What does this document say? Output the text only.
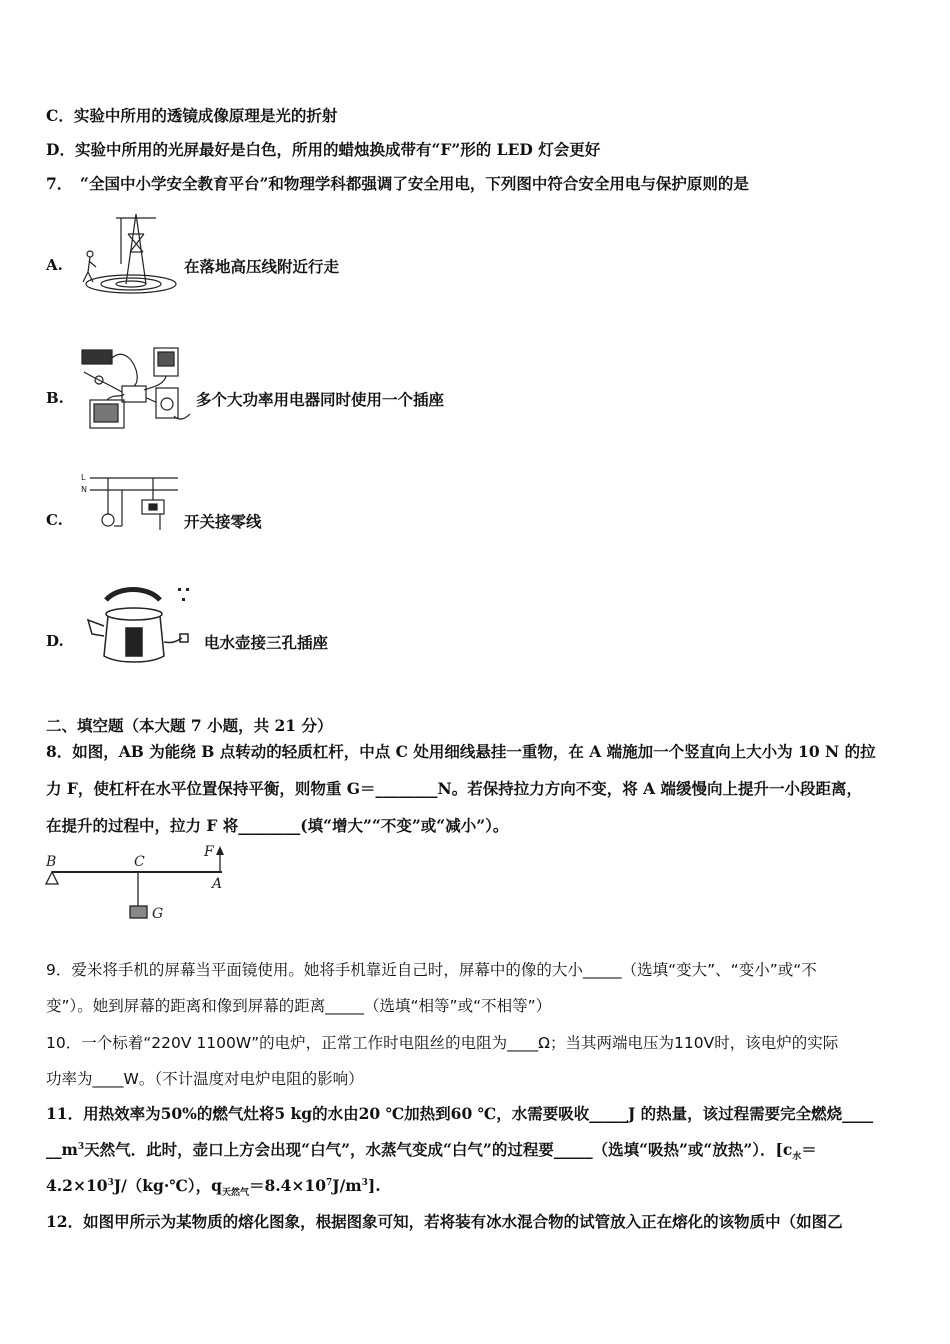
C．实验中所用的透镜成像原理是光的折射
D．实验中所用的光屏最好是白色，所用的蜡烛换成带有“F”形的 LED 灯会更好
7．　“全国中小学安全教育平台”和物理学科都强调了安全用电，下列图中符合安全用电与保护原则的是
A.	在落地高压线附近行走
B.	多个大功率用电器同时使用一个插座
C.
L
N
开关接零线
D.	电水壶接三孔插座
二、填空题（本大题 7 小题，共 21 分）
8．如图，AB 为能绕 B 点转动的轻质杠杆，中点 C 处用细线悬挂一重物，在 A 端施加一个竖直向上大小为 10 N 的拉
力 F，使杠杆在水平位置保持平衡，则物重 G＝________N。若保持拉力方向不变，将 A 端缓慢向上提升一小段距离，
在提升的过程中，拉力 F 将________(填“增大”“不变”或“减小”）。
B	C
F
A
G
9．爱米将手机的屏幕当平面镜使用。她将手机靠近自己时，屏幕中的像的大小_____（选填“变大”、“变小”或“不
变”）。她到屏幕的距离和像到屏幕的距离_____（选填“相等”或“不相等”）
10．一个标着“220V 1100W”的电炉，正常工作时电阻丝的电阻为____Ω；当其两端电压为110V时，该电炉的实际
功率为____W。（不计温度对电炉电阻的影响）
11．用热效率为50%的燃气灶将5 kg的水由20 ℃加热到60 ℃，水需要吸收_____J 的热量，该过程需要完全燃烧____
$\_\_m^3$天然气．此时，壶口上方会出现“白气”，水蒸气变成“白气”的过程要_____（选填“吸热”或“放热”）．[$c_水=$
$4.2\times 10^3J/(kg\cdot℃)$，$q_{天然气}=8.4\times 10^7J/m^3$].
12．如图甲所示为某物质的熔化图象，根据图象可知，若将装有冰水混合物的试管放入正在熔化的该物质中（如图乙
